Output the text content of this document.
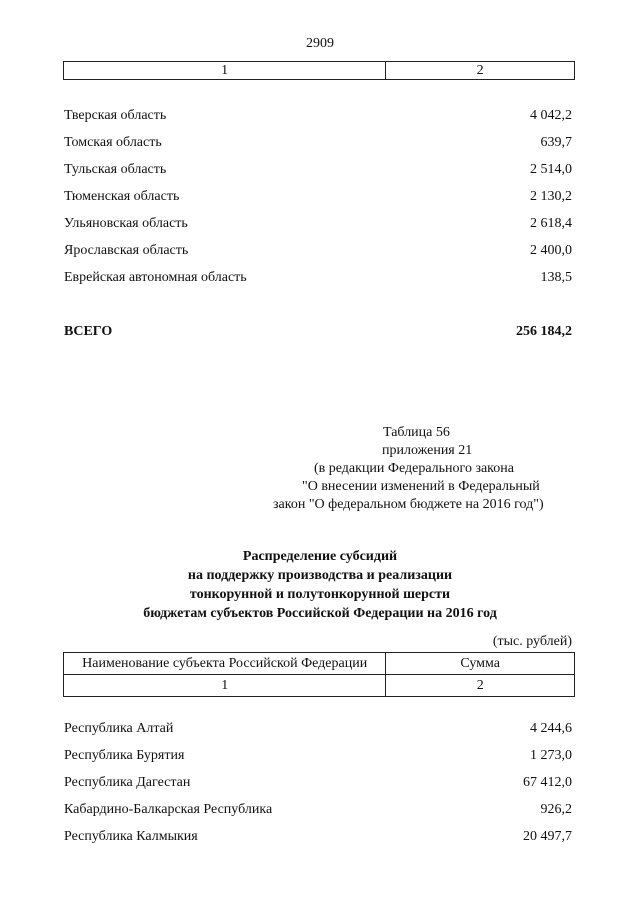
2909
1	2
Тверская область	4 042,2
Томская область	639,7
Тульская область	2 514,0
Тюменская область	2 130,2
Ульяновская область	2 618,4
Ярославская область	2 400,0
Еврейская автономная область	138,5
ВСЕГО	256 184,2
Таблица 56
приложения 21
(в редакции Федерального закона
"О внесении изменений в Федеральный
закон "О федеральном бюджете на 2016 год")
Распределение субсидий
на поддержку производства и реализации
тонкорунной и полутонкорунной шерсти
бюджетам субъектов Российской Федерации на 2016 год
(тыс. рублей)
Наименование субъекта Российской Федерации	Сумма
1	2
Республика Алтай	4 244,6
Республика Бурятия	1 273,0
Республика Дагестан	67 412,0
Кабардино-Балкарская Республика	926,2
Республика Калмыкия	20 497,7
